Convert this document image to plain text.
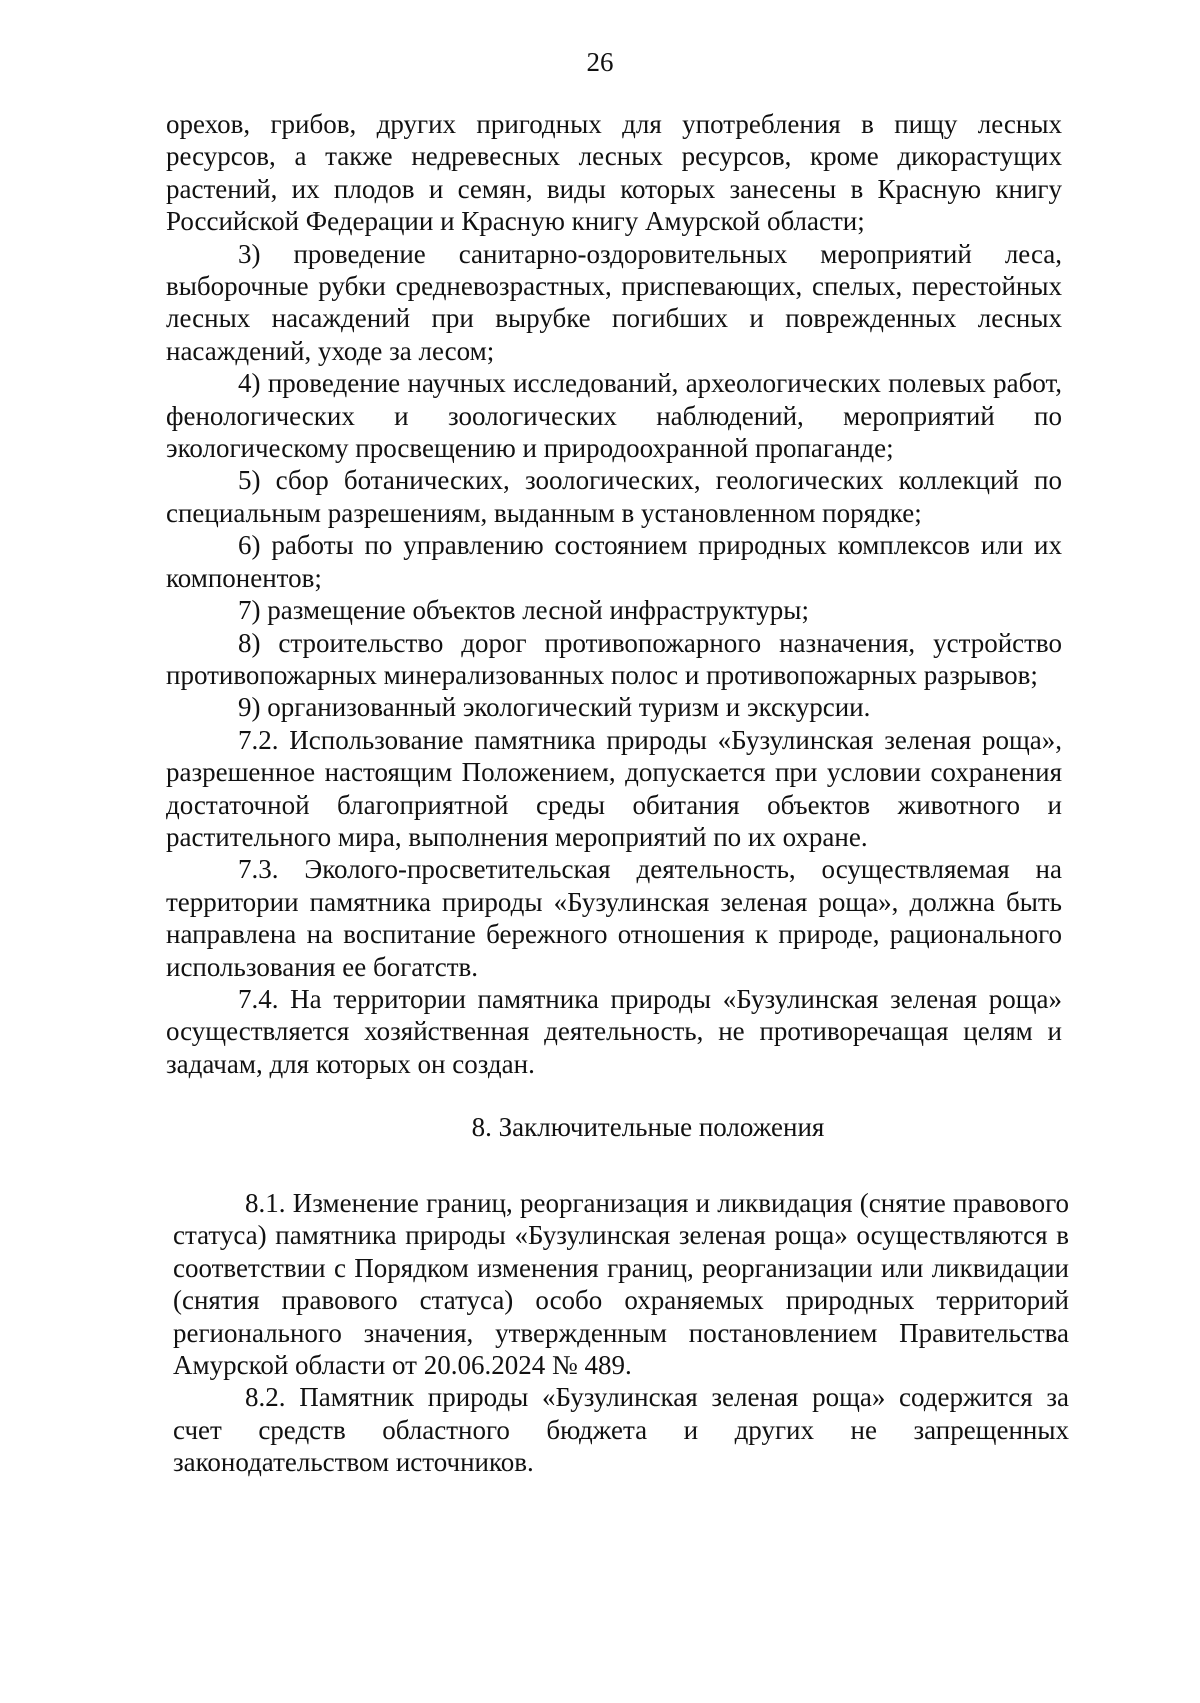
26

орехов, грибов, других пригодных для употребления в пищу лесных ресурсов, а также недревесных лесных ресурсов, кроме дикорастущих растений, их плодов и семян, виды которых занесены в Красную книгу Российской Федерации и Красную книгу Амурской области;

3) проведение санитарно-оздоровительных мероприятий леса, выборочные рубки средневозрастных, приспевающих, спелых, перестойных лесных насаждений при вырубке погибших и поврежденных лесных насаждений, уходе за лесом;

4) проведение научных исследований, археологических полевых работ, фенологических и зоологических наблюдений, мероприятий по экологическому просвещению и природоохранной пропаганде;

5) сбор ботанических, зоологических, геологических коллекций по специальным разрешениям, выданным в установленном порядке;

6) работы по управлению состоянием природных комплексов или их компонентов;

7) размещение объектов лесной инфраструктуры;

8) строительство дорог противопожарного назначения, устройство противопожарных минерализованных полос и противопожарных разрывов;

9) организованный экологический туризм и экскурсии.

7.2. Использование памятника природы «Бузулинская зеленая роща», разрешенное настоящим Положением, допускается при условии сохранения достаточной благоприятной среды обитания объектов животного и растительного мира, выполнения мероприятий по их охране.

7.3. Эколого-просветительская деятельность, осуществляемая на территории памятника природы «Бузулинская зеленая роща», должна быть направлена на воспитание бережного отношения к природе, рационального использования ее богатств.

7.4. На территории памятника природы «Бузулинская зеленая роща» осуществляется хозяйственная деятельность, не противоречащая целям и задачам, для которых он создан.

8. Заключительные положения

8.1. Изменение границ, реорганизация и ликвидация (снятие правового статуса) памятника природы «Бузулинская зеленая роща» осуществляются в соответствии с Порядком изменения границ, реорганизации или ликвидации (снятия правового статуса) особо охраняемых природных территорий регионального значения, утвержденным постановлением Правительства Амурской области от 20.06.2024 № 489.

8.2. Памятник природы «Бузулинская зеленая роща» содержится за счет средств областного бюджета и других не запрещенных законодательством источников.
